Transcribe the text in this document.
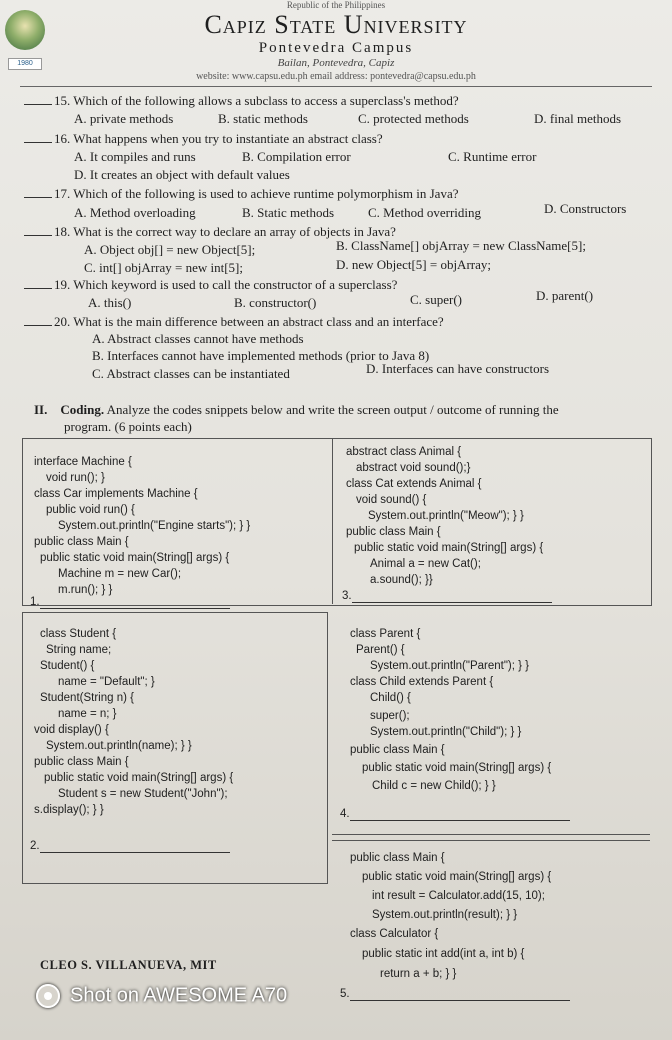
1980
Republic of the Philippines
Capiz State University
Pontevedra Campus
Bailan, Pontevedra, Capiz
website: www.capsu.edu.ph email address: pontevedra@capsu.edu.ph
15. Which of the following allows a subclass to access a superclass's method?
A. private methods	B. static methods	C. protected methods	D. final methods
16. What happens when you try to instantiate an abstract class?
A. It compiles and runs	B. Compilation error	C. Runtime error
D. It creates an object with default values
17. Which of the following is used to achieve runtime polymorphism in Java?
A. Method overloading	B. Static methods	C. Method overriding	D. Constructors
18. What is the correct way to declare an array of objects in Java?
A. Object obj[] = new Object[5];	B. ClassName[] objArray = new ClassName[5];
C. int[] objArray = new int[5];	D. new Object[5] = objArray;
19. Which keyword is used to call the constructor of a superclass?
A. this()	B. constructor()	C. super()	D. parent()
20. What is the main difference between an abstract class and an interface?
A. Abstract classes cannot have methods
B. Interfaces cannot have implemented methods (prior to Java 8)
C. Abstract classes can be instantiated	D. Interfaces can have constructors
II. Coding. Analyze the codes snippets below and write the screen output / outcome of running the
program. (6 points each)
interface Machine {
void run(); }
class Car implements Machine {
public void run() {
System.out.println("Engine starts"); } }
public class Main {
public static void main(String[] args) {
Machine m = new Car();
m.run(); } }
1.
abstract class Animal {
abstract void sound();}
class Cat extends Animal {
void sound() {
System.out.println("Meow"); } }
public class Main {
public static void main(String[] args) {
Animal a = new Cat();
a.sound(); }}
3.
class Student {
String name;
Student() {
name = "Default"; }
Student(String n) {
name = n; }
void display() {
System.out.println(name); } }
public class Main {
public static void main(String[] args) {
Student s = new Student("John");
s.display(); } }
2.
class Parent {
Parent() {
System.out.println("Parent"); } }
class Child extends Parent {
Child() {
super();
System.out.println("Child"); } }
public class Main {
public static void main(String[] args) {
Child c = new Child(); } }
4.
public class Main {
public static void main(String[] args) {
int result = Calculator.add(15, 10);
System.out.println(result); } }
class Calculator {
public static int add(int a, int b) {
return a + b; } }
5.
CLEO S. VILLANUEVA, MIT
Shot on AWESOME A70
